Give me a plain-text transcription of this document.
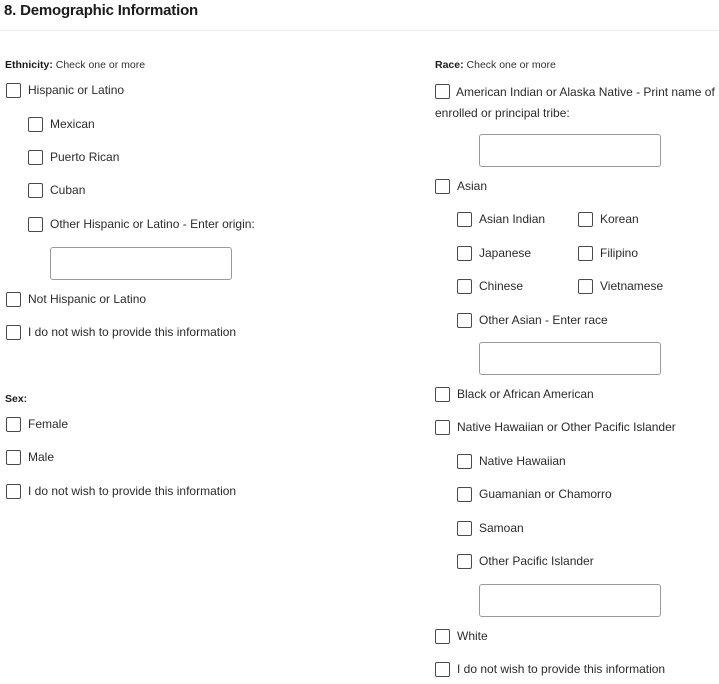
8. Demographic Information
Ethnicity: Check one or more
Hispanic or Latino
Mexican
Puerto Rican
Cuban
Other Hispanic or Latino - Enter origin:
Not Hispanic or Latino
I do not wish to provide this information
Sex:
Female
Male
I do not wish to provide this information
Race: Check one or more
American Indian or Alaska Native - Print name of enrolled or principal tribe:
Asian
Asian Indian	Korean
Japanese	Filipino
Chinese	Vietnamese
Other Asian - Enter race
Black or African American
Native Hawaiian or Other Pacific Islander
Native Hawaiian
Guamanian or Chamorro
Samoan
Other Pacific Islander
White
I do not wish to provide this information
